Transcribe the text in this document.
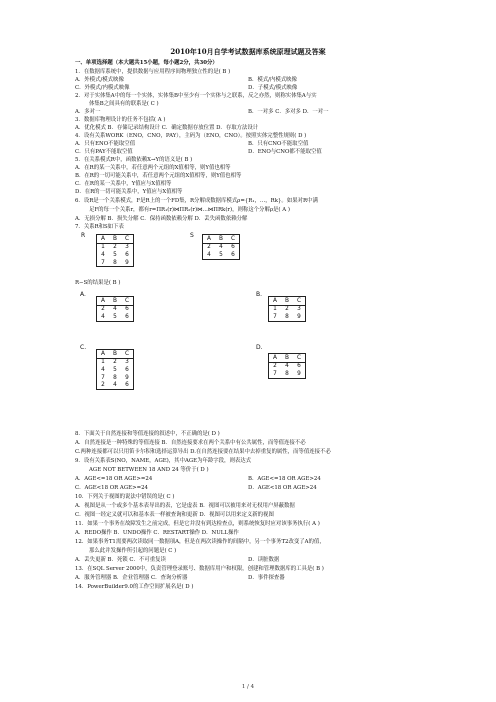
2010年10月自学考试数据库系统原理试题及答案
一、单项选择题（本大题共15小题，每小题2分，共30分）
1．在数据库系统中，提供数据与应用程序间物理独立性的是( B )
A．外模式/模式映像	B．模式/内模式映像
C．外模式/内模式映像	D．子模式/模式映像
2．对于实体集A中的每一个实体，实体集B中至少有一个实体与之联系，反之亦然，则称实体集A与实
体集B之间具有的联系是( C )
A．多对一	B．一对多 C．多对多 D．一对一
3．数据库物理设计的任务不包括( A )
A．优化模式 B．存储记录结构设计 C．确定数据存放位置 D．存取方法设计
4．设有关系WORK（ENO，CNO，PAY），主码为（ENO，CNO）。按照实体完整性规则( D )
A．只有ENO不能取空值	B．只有CNO不能取空值
C．只有PAY不能取空值	D．ENO与CNO都不能取空值
5．在关系模式R中，函数依赖X→Y的语义是( B )
A．在R的某一关系中，若任意两个元组的X值相等，则Y值也相等
B．在R的一切可能关系中，若任意两个元组的X值相等，则Y值也相等
C．在R的某一关系中，Y值应与X值相等
D．在R的一切可能关系中，Y值应与X值相等
6．设R是一个关系模式，F是R上的一个FD集，R分解成数据库模式ρ={R₁，…，Rk}。如果对R中满
足F的每一个关系r，都有r=ΠR₁(r)⋈ΠR₂(r)⋈…⋈ΠRk(r)，则称这个分解ρ是( A )
A．无损分解 B．损失分解 C．保持函数依赖分解 D．丢失函数依赖分解
7．关系R和S如下表
R	A	B	C
1	2	3
4	5	6
7	8	9
S A	B	C
2	4	6
4	5	6
R−S的结果是( B )
A.
A	B	C
2	4	6
4	5	6
B.
A	B	C
1	2	3
7	8	9
C.
A	B	C
1	2	3
4	5	6
7	8	9
2	4	6
D.
A	B	C
2	4	6
7	8	9
8．下面关于自然连接和等值连接的叙述中，不正确的是( D )
A．自然连接是一种特殊的等值连接 B．自然连接要求在两个关系中有公共属性，而等值连接不必
C.两种连接都可以只用笛卡尔积和选择运算导出 D.在自然连接要在结果中去掉重复的属性，而等值连接不必
9．设有关系表S(NO，NAME，AGE)，其中AGE为年龄字段，则表达式
AGE NOT BETWEEN 18 AND 24 等价于( D )
A．AGE<=18 OR AGE>=24	B．AGE<=18 OR AGE>24
C．AGE<18 OR AGE>=24	D．AGE<18 OR AGE>24
10．下列关于视图的说法中错误的是( C )
A．视图是从一个或多个基本表导出的表，它是虚表 B．视图可以被用来对无权用户屏蔽数据
C．视图一经定义就可以和基本表一样被查询和更新 D．视图可以用来定义新的视图
11．如果一个事务在故障发生之前完成，但是它并没有到达检查点，则系统恢复时应对该事务执行( A )
A．REDO操作 B．UNDO操作 C．RESTART操作 D．NULL操作
12．如果事务T1需要两次读取同一数据项A，但是在两次读操作的间隔中，另一个事务T2改变了A的值，
那么此并发操作所引起的问题是( C )
A．丢失更新 B．死锁 C．不可重复读	D．读脏数据
13．在SQL Server 2000中，负责管理登录账号、数据库用户和权限，创建和管理数据库的工具是( B )
A．服务管理器 B．企业管理器 C．查询分析器	D．事件探查器
14．PowerBuilder9.0的工作空间扩展名是( D )
1 / 4
